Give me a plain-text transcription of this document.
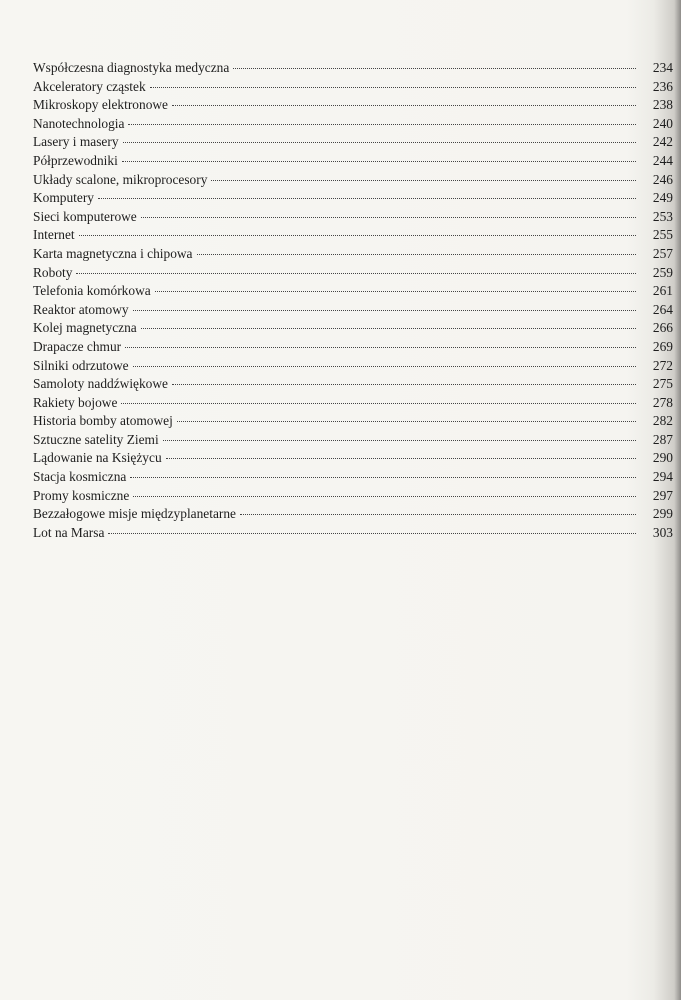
Współczesna diagnostyka medyczna	234
Akceleratory cząstek	236
Mikroskopy elektronowe	238
Nanotechnologia	240
Lasery i masery	242
Półprzewodniki	244
Układy scalone, mikroprocesory	246
Komputery	249
Sieci komputerowe	253
Internet	255
Karta magnetyczna i chipowa	257
Roboty	259
Telefonia komórkowa	261
Reaktor atomowy	264
Kolej magnetyczna	266
Drapacze chmur	269
Silniki odrzutowe	272
Samoloty naddźwiękowe	275
Rakiety bojowe	278
Historia bomby atomowej	282
Sztuczne satelity Ziemi	287
Lądowanie na Księżycu	290
Stacja kosmiczna	294
Promy kosmiczne	297
Bezzałogowe misje międzyplanetarne	299
Lot na Marsa	303
